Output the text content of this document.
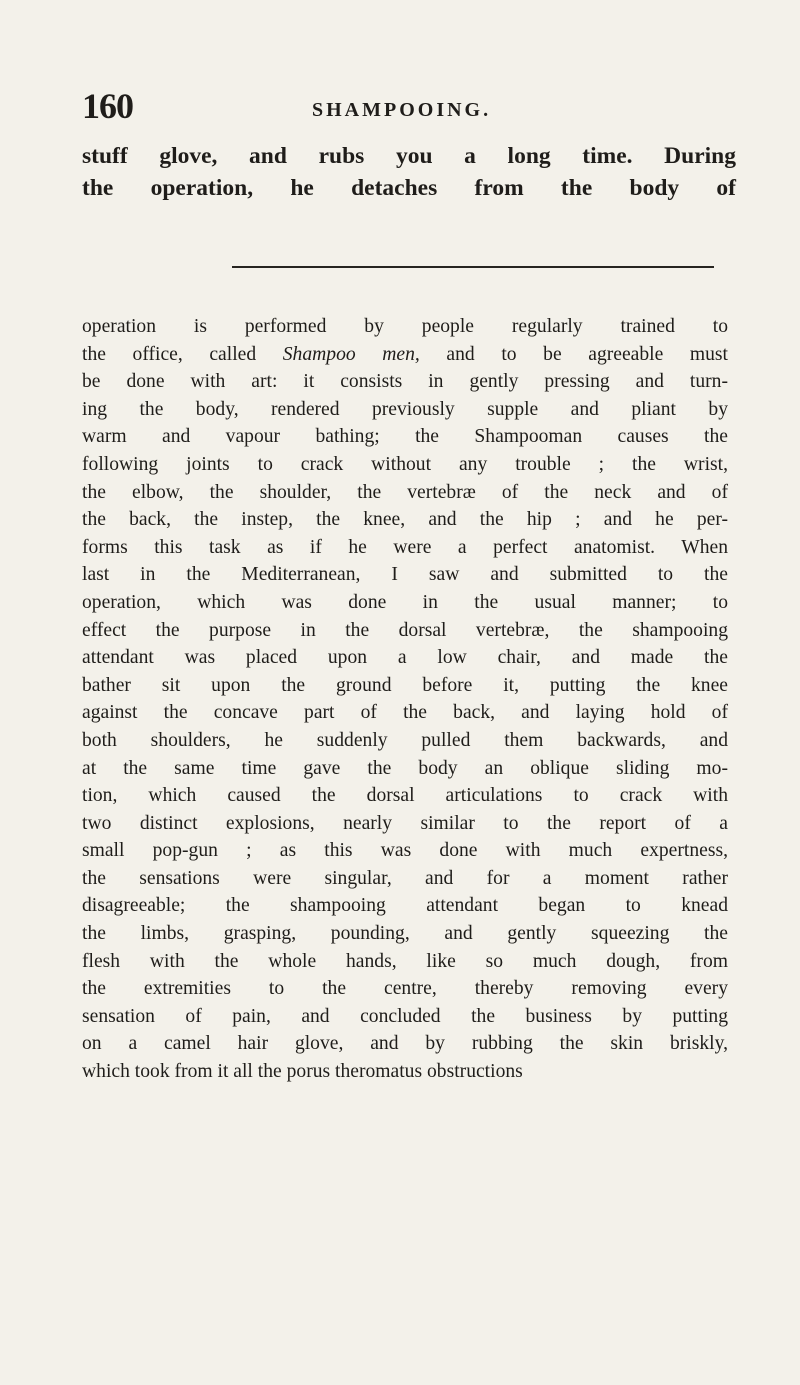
160	SHAMPOOING.
stuff glove, and rubs you a long time. During
the operation, he detaches from the body of
operation is performed by people regularly trained to
the office, called Shampoo men, and to be agreeable must
be done with art: it consists in gently pressing and turn-
ing the body, rendered previously supple and pliant by
warm and vapour bathing; the Shampooman causes the
following joints to crack without any trouble ; the wrist,
the elbow, the shoulder, the vertebræ of the neck and of
the back, the instep, the knee, and the hip ; and he per-
forms this task as if he were a perfect anatomist. When
last in the Mediterranean, I saw and submitted to the
operation, which was done in the usual manner; to
effect the purpose in the dorsal vertebræ, the shampooing
attendant was placed upon a low chair, and made the
bather sit upon the ground before it, putting the knee
against the concave part of the back, and laying hold of
both shoulders, he suddenly pulled them backwards, and
at the same time gave the body an oblique sliding mo-
tion, which caused the dorsal articulations to crack with
two distinct explosions, nearly similar to the report of a
small pop-gun ; as this was done with much expertness,
the sensations were singular, and for a moment rather
disagreeable; the shampooing attendant began to knead
the limbs, grasping, pounding, and gently squeezing the
flesh with the whole hands, like so much dough, from
the extremities to the centre, thereby removing every
sensation of pain, and concluded the business by putting
on a camel hair glove, and by rubbing the skin briskly,
which took from it all the porus theromatus obstructions
